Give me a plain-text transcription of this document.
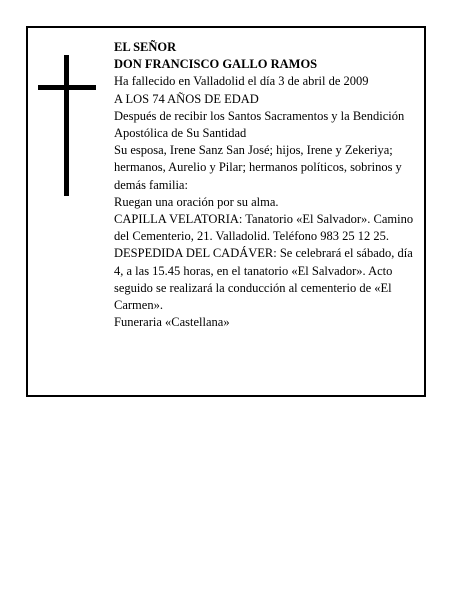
EL SEÑOR

DON FRANCISCO GALLO RAMOS

Ha fallecido en Valladolid el día 3 de abril de 2009

A LOS 74 AÑOS DE EDAD

Después de recibir los Santos Sacramentos y la Bendición Apostólica de Su Santidad

Su esposa, Irene Sanz San José; hijos, Irene y Zekeriya; hermanos, Aurelio y Pilar; hermanos políticos, sobrinos y demás familia:

Ruegan una oración por su alma.

CAPILLA VELATORIA: Tanatorio «El Salvador». Camino del Cementerio, 21. Valladolid. Teléfono 983 25 12 25.

DESPEDIDA DEL CADÁVER: Se celebrará el sábado, día 4, a las 15.45 horas, en el tanatorio «El Salvador». Acto seguido se realizará la conducción al cementerio de «El Carmen».

Funeraria «Castellana»
